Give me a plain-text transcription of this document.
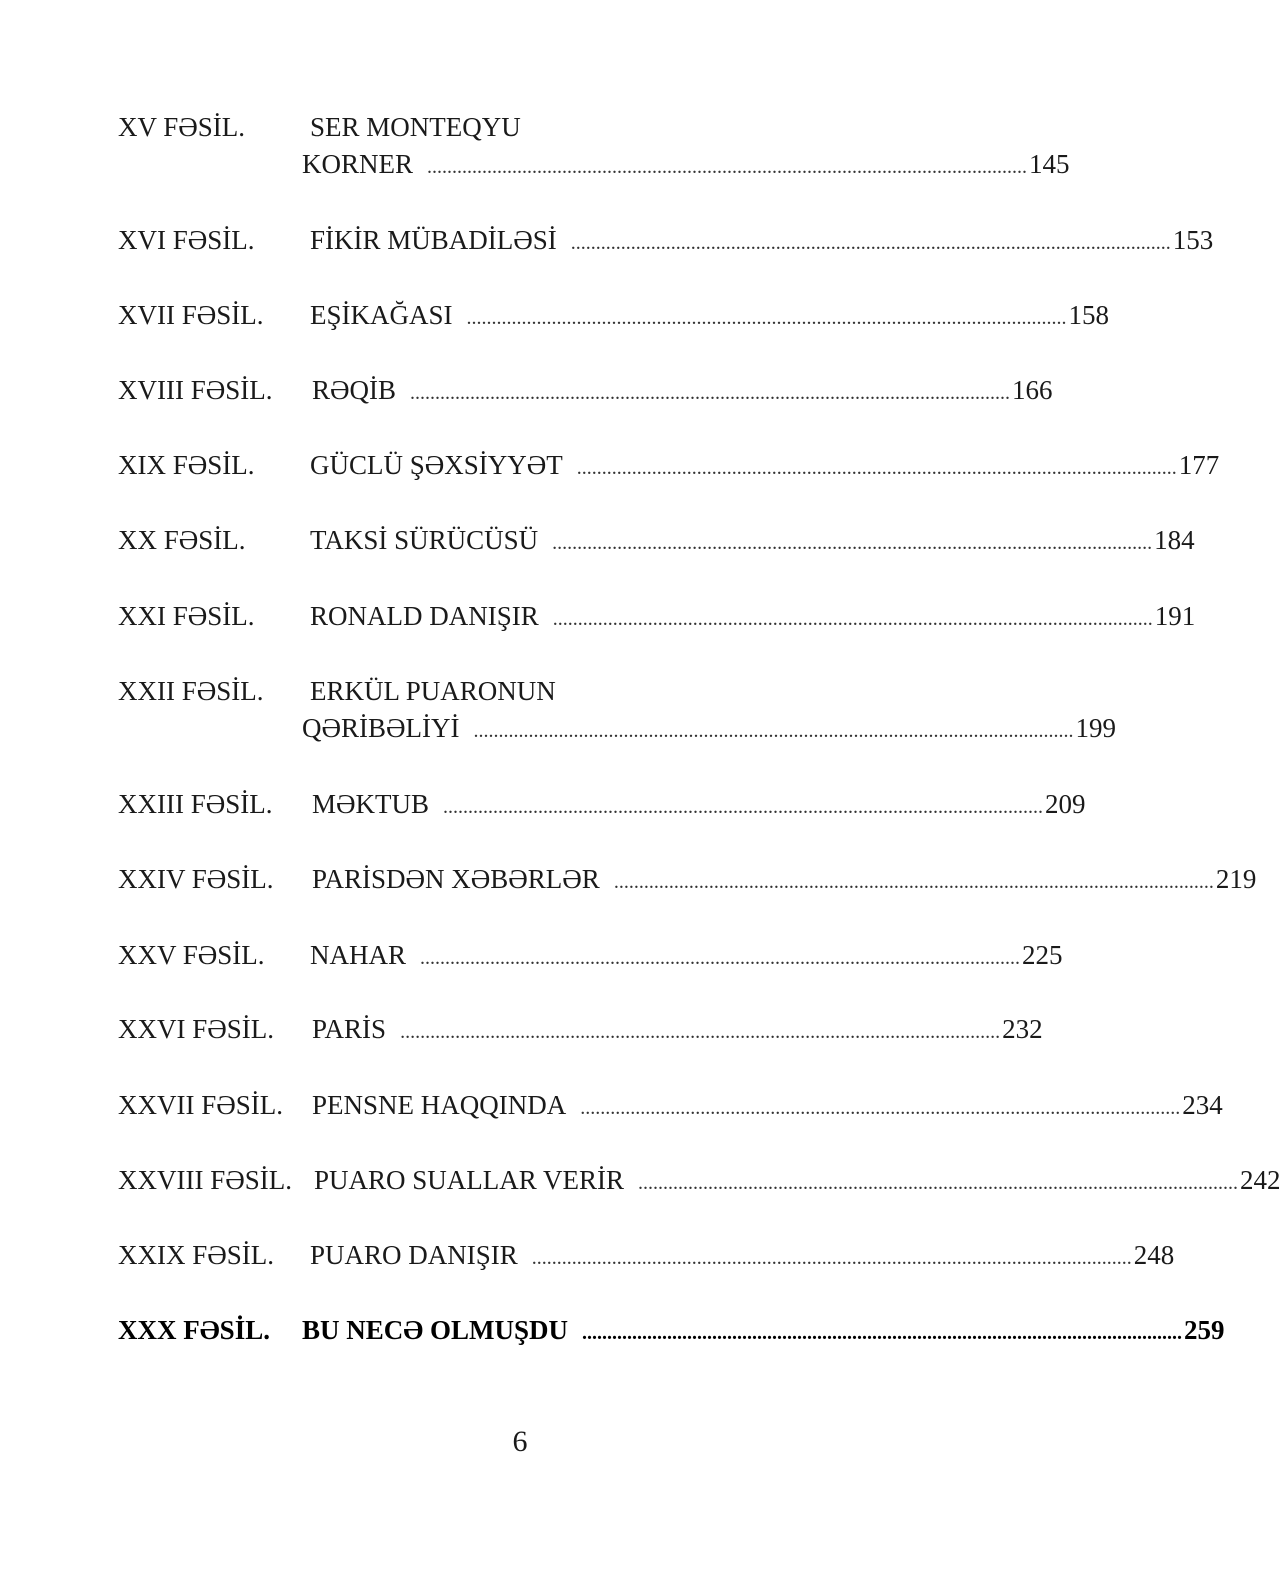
XV FƏSİL. SER MONTEQYU
KORNER ........................................................................................................................ 145
XVI FƏSİL. FİKİR MÜBADİLƏSİ ........................................................................................................................ 153
XVII FƏSİL. EŞİKAĞASI ........................................................................................................................ 158
XVIII FƏSİL. RƏQİB ........................................................................................................................ 166
XIX FƏSİL. GÜCLÜ ŞƏXSİYYƏT ........................................................................................................................ 177
XX FƏSİL. TAKSİ SÜRÜCÜSÜ ........................................................................................................................ 184
XXI FƏSİL. RONALD DANIŞIR ........................................................................................................................ 191
XXII FƏSİL. ERKÜL PUARONUN
QƏRİBƏLİYİ ........................................................................................................................ 199
XXIII FƏSİL. MƏKTUB ........................................................................................................................ 209
XXIV FƏSİL. PARİSDƏN XƏBƏRLƏR ........................................................................................................................ 219
XXV FƏSİL. NAHAR ........................................................................................................................ 225
XXVI FƏSİL. PARİS ........................................................................................................................ 232
XXVII FƏSİL. PENSNE HAQQINDA ........................................................................................................................ 234
XXVIII FƏSİL. PUARO SUALLAR VERİR ........................................................................................................................ 242
XXIX FƏSİL. PUARO DANIŞIR ........................................................................................................................ 248
XXX FƏSİL. BU NECƏ OLMUŞDU ........................................................................................................................ 259
6
